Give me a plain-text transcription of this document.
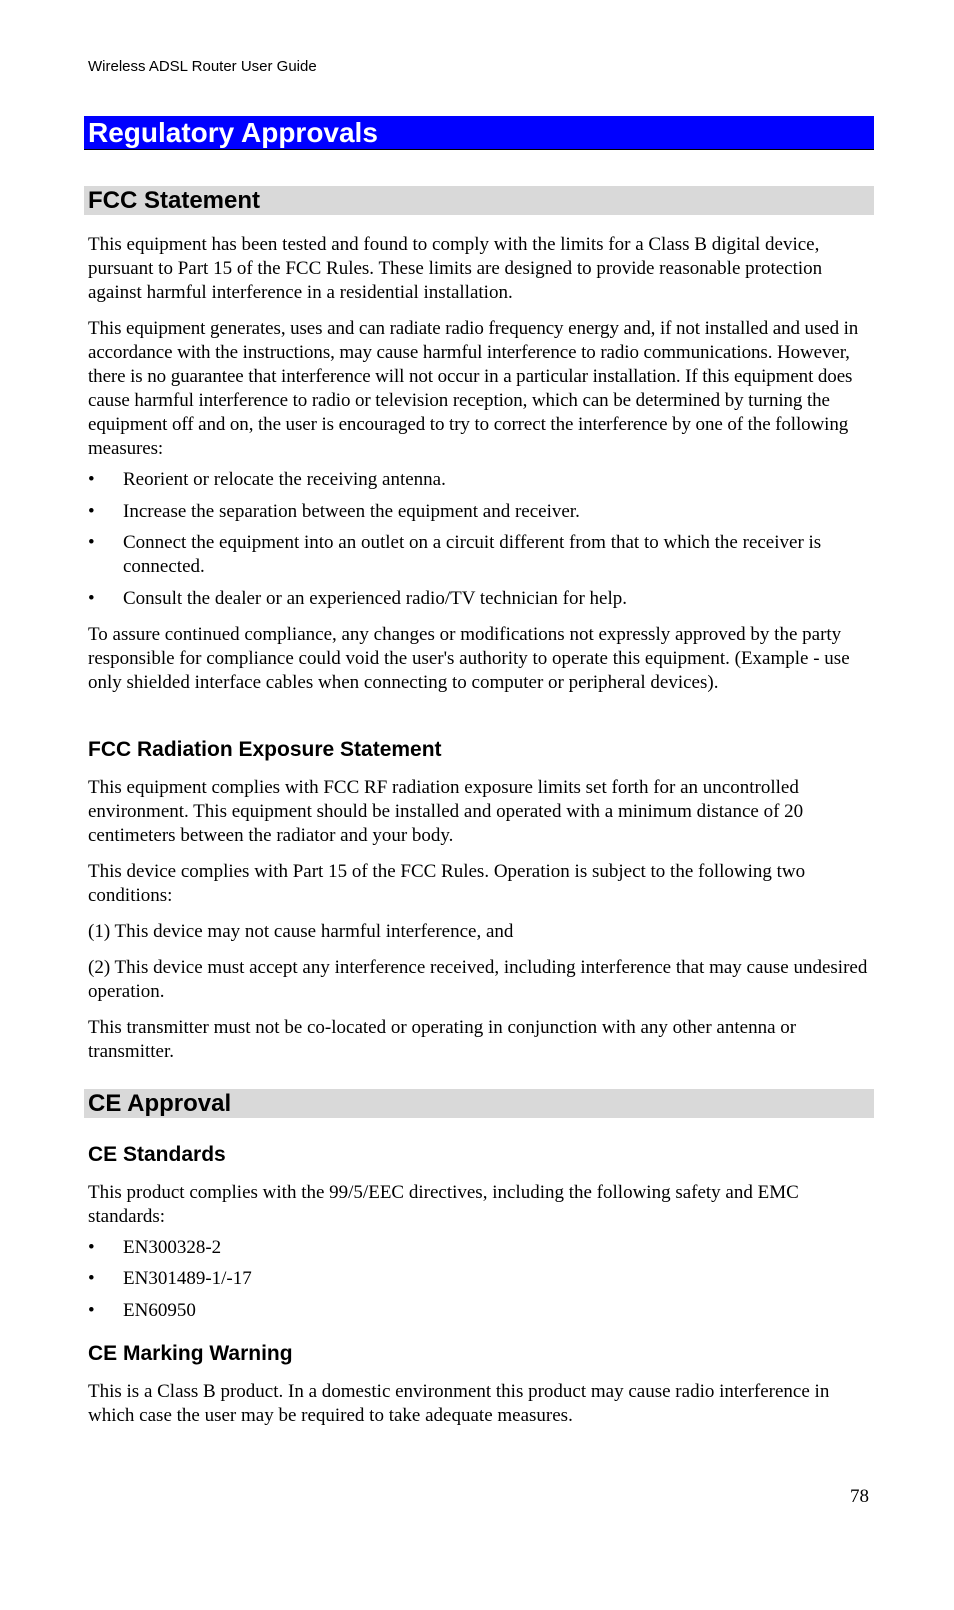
Wireless ADSL Router User Guide
Regulatory Approvals
FCC Statement

This equipment has been tested and found to comply with the limits for a Class B digital device, pursuant to Part 15 of the FCC Rules. These limits are designed to provide reasonable protection against harmful interference in a residential installation.

This equipment generates, uses and can radiate radio frequency energy and, if not installed and used in accordance with the instructions, may cause harmful interference to radio communications. However, there is no guarantee that interference will not occur in a particular installation. If this equipment does cause harmful interference to radio or television reception, which can be determined by turning the equipment off and on, the user is encouraged to try to correct the interference by one of the following measures:

• Reorient or relocate the receiving antenna.
• Increase the separation between the equipment and receiver.
• Connect the equipment into an outlet on a circuit different from that to which the receiver is connected.
• Consult the dealer or an experienced radio/TV technician for help.

To assure continued compliance, any changes or modifications not expressly approved by the party responsible for compliance could void the user's authority to operate this equipment. (Example - use only shielded interface cables when connecting to computer or peripheral devices).

FCC Radiation Exposure Statement

This equipment complies with FCC RF radiation exposure limits set forth for an uncontrolled environment. This equipment should be installed and operated with a minimum distance of 20 centimeters between the radiator and your body.

This device complies with Part 15 of the FCC Rules. Operation is subject to the following two conditions:

(1) This device may not cause harmful interference, and

(2) This device must accept any interference received, including interference that may cause undesired operation.

This transmitter must not be co-located or operating in conjunction with any other antenna or transmitter.

CE Approval
CE Standards

This product complies with the 99/5/EEC directives, including the following safety and EMC standards:

• EN300328-2
• EN301489-1/-17
• EN60950
CE Marking Warning

This is a Class B product. In a domestic environment this product may cause radio interference in which case the user may be required to take adequate measures.

78
